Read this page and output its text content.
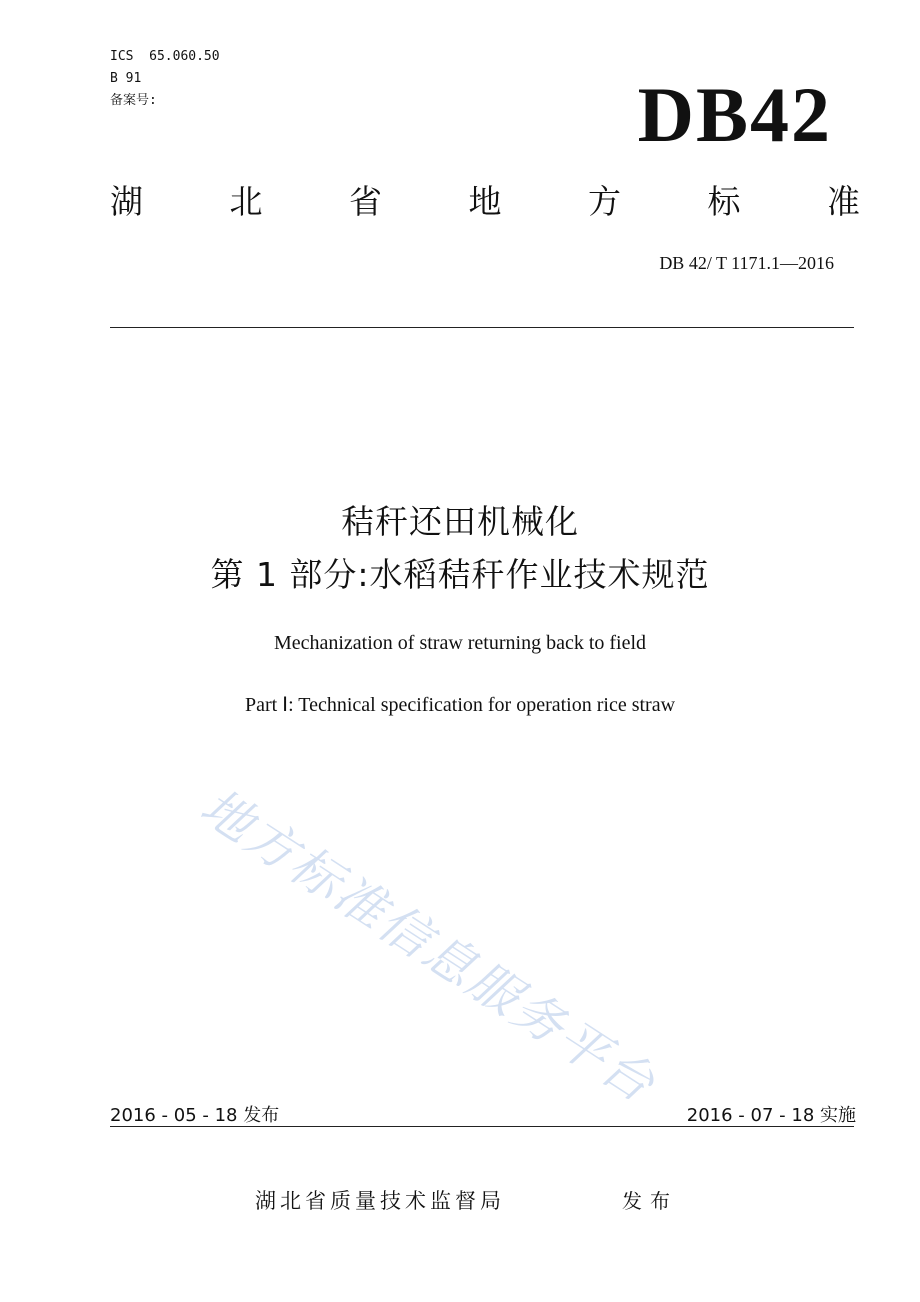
ICS  65.060.50
B 91
备案号:	DB42
湖	北	省	地	方	标	准
DB 42/ T 1171.1—2016
秸秆还田机械化
第 1 部分:水稻秸秆作业技术规范
Mechanization of straw returning back to field
Part Ⅰ: Technical specification for operation rice straw
地方标准信息服务平台
2016 - 05 - 18 发布	2016 - 07 - 18 实施
湖北省质量技术监督局	发布
